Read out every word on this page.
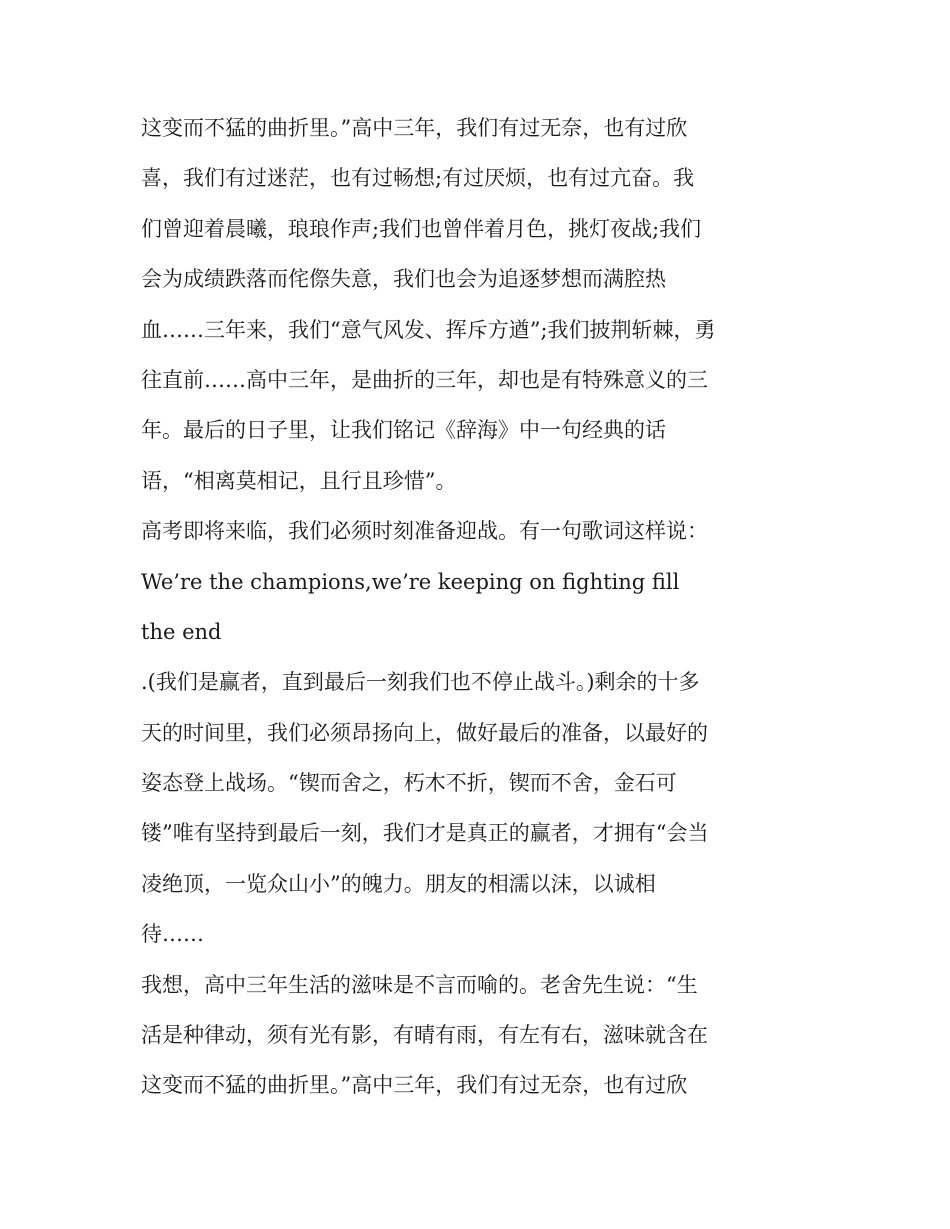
这变而不猛的曲折里。”高中三年，我们有过无奈，也有过欣
喜，我们有过迷茫，也有过畅想;有过厌烦，也有过亢奋。我
们曾迎着晨曦，琅琅作声;我们也曾伴着月色，挑灯夜战;我们
会为成绩跌落而侘傺失意，我们也会为追逐梦想而满腔热
血……三年来，我们“意气风发、挥斥方遒”;我们披荆斩棘，勇
往直前……高中三年，是曲折的三年，却也是有特殊意义的三
年。最后的日子里，让我们铭记《辞海》中一句经典的话
语，“相离莫相记，且行且珍惜”。
高考即将来临，我们必须时刻准备迎战。有一句歌词这样说：
We’re the champions,we’re keeping on fighting fill
the end
.(我们是赢者，直到最后一刻我们也不停止战斗。)剩余的十多
天的时间里，我们必须昂扬向上，做好最后的准备，以最好的
姿态登上战场。“锲而舍之，朽木不折，锲而不舍，金石可
镂”唯有坚持到最后一刻，我们才是真正的赢者，才拥有“会当
凌绝顶，一览众山小”的魄力。朋友的相濡以沫，以诚相
待……
我想，高中三年生活的滋味是不言而喻的。老舍先生说：“生
活是种律动，须有光有影，有晴有雨，有左有右，滋味就含在
这变而不猛的曲折里。”高中三年，我们有过无奈，也有过欣
